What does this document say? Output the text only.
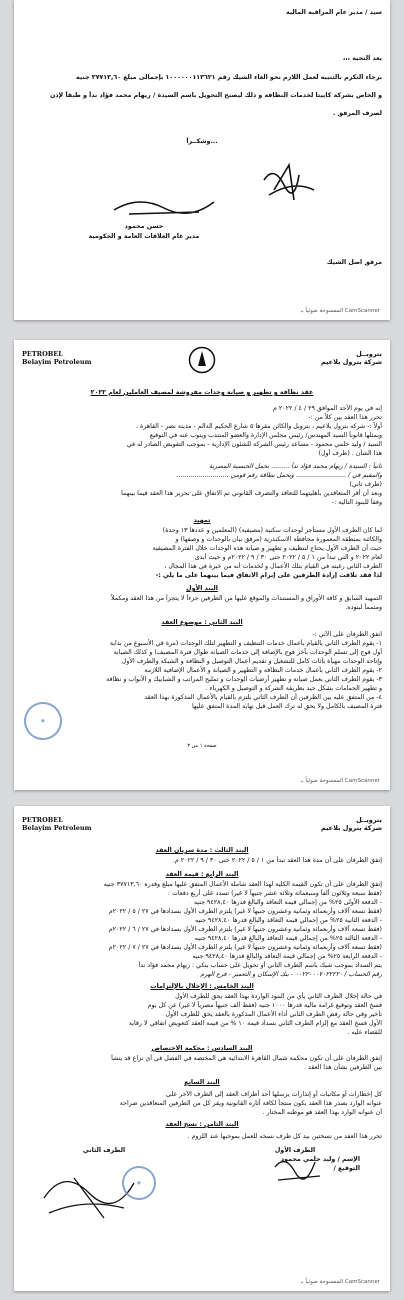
سيد / مدير عام المراقبة المالية
بعد التحية ،،،
برجاء التكرم بالتنبيه لعمل اللازم نحو الغاء الشيك رقم ١٠٠٠٠٠٠١١٣٦٢١ بإجمالى مبلغ ٣٧٧١٣,٦٠ جنيه
و الخاص بشركة كابيتا لخدمات النظافة و ذلك ليصبح التحويل باسم السيدة / ريهام محمد فؤاد نداً و طبقاً لإذن
لصرف المرفق .
وشكــراً...
حسن محمود
مدير عام العلاقات العامة و الحكومية
مرفق اصل الشيك
الممسوحة ضوئياً بـ CamScanner
PETROBEL
Belayim Petroleum
بتروبــل
شركة بترول بلاعيم
عقد نظافة و تطهير و صيانة وحدات مفروشة لمصيف العاملين لعام ٢٠٢٢
إنه في يوم الأحد الموافق ٢٩ / ٤ / ٢٠٢٢ م
تحرر هذا العقد بين كلاً من :-
أولاً :- شركة بترول بلاعيم ، بتروبل والكائن مقرها ٥ شارع الحكيم الدالم - مدينة نصر - القاهرة ،
ويمثلها قانوناً السيد المهندس/ رئيس مجلس الإدارة والعضو المنتدب وينوب عنه في التوقيع
السيد / وليد حلمي محمود - مساعد رئيس الشركة للشئون الإدارية - بموجب التفويض الصادر له في
هذا الشأن . (طرف أول)
ثانياً : السيدة / ريهام محمد فؤاد نداً ......... بحمل الجنسية المصرية
والمقيم في / ......................... ويحمل بطاقة رقم قومي ..........................
(طرف ثاني)
وبعد أن أقر المتعاقدين بأهليتهما للتعاقد والتصرف القانوني تم الاتفاق على تحرير هذا العقد فيما بينهما
وفقاً للبنود التالية :-
تمهيد
لما كان الطرف الأول مستأجر لوحدات سكنية (مصيفية) (المعلمين و عددها ١٣ وحدة)
والكائنة بمنطقة المعمورة محافظة الاسكندرية (مرفق بيان بالوحدات و وصفها) و
حيث أن الطرف الأول يحتاج لتنظيف و تطهير و صيانة هذه الوحدات خلال الفترة المصيفية
لعام ٢٠٢٢ و التي تبدأ من ١ / ٥ / ٢٠٢٢ حتى ٣٠ / ٩ / ٢٠٢٢م و حيث أبدى
الطرف الثاني رغبته في القيام بتلك الأعمال و لخدمات أنه من خبرة في هذا المجال ،
لذا فقد تلاقت إرادة الطرفين على إبرام الاتفاق فيما بينهما على ما يلي :-
البند الأول
التمهيد السابق و كافة الأوراق و المستندات والموقع عليها من الطرفين جزءاً لا يتجزأ من هذا العقد ومكملاً
ومتمماً لبنوده.
البند الثاني : موضوع العقد
اتفق الطرفان على الآتي :-
١- يقوم الطرف الثاني بالقيام بأعمال خدمات التنظيف و التطهير لتلك الوحدات (مرة في الأسبوع من بداية
أول فوج إلى تسلم الوحدات بآخر فوج بالإضافة إلى خدمات الصيانة طوال فترة المصيف) و كذلك الصيانة
وإتاحة الوحدات مهيأة بأثاث كامل للتشغيل و تقديم أعمال التوصيل و النظافة و الشبكة والطرف الأول
٢- يقوم الطرف الثاني بأعمال خدمات النظافة و التطهير و الصيانة و الأعمال الإضافية اللازمة
٣- يقوم الطرف الثاني بعمل صيانة و تطهير أرضيات الوحدات و تمليح المراتب و الشبابيك و الأبواب و نظافة
و تطهير الحمامات بشكل جيد بطريقة الشركة و التوصيل و الكهرباء .
٤- من المتفق عليه بين الطرفين أن الطرف الثاني يلتزم بالقيام بالأعمال المذكورة بهذا العقد
فترة المصيف بالكامل ولا يحق له ترك العمل قبل نهاية المدة المتفق عليها
◉
صفحة ١ من ٣
الممسوحة ضوئياً بـ CamScanner
PETROBEL
Belayim Petroleum
بتروبــل
شركة بترول بلاعيم
البند الثالث : مدة سريان العقد
إتفق الطرفان على أن مدة هذا العقد تبدأ من ١ / ٥ / ٢٠٢٢ حتى ٣٠ / ٩ / ٢٠٢٢ م.
البند الرابع : قيمة العقد
إتفق الطرفان على أن تكون القيمة الكلية لهذا العقد شاملة الأعمال المتفق عليها مبلغ وقدره ٣٧٧١٣,٦٠ جنيه
(فقط سبعة وثلاثون ألفاً وسبعمائة وثلاثة عشر جنيهاً لا غير) تسدد على أربع دفعات :
- الدفعة الأولى ٢٥% من إجمالي قيمة التعاقد والبالغ قدرها ٩٤٢٨,٤٠ جنيه
(فقط تسعة آلاف وأربعمائة وثمانية وعشرون جنيهاً لا غير) يلتزم الطرف الأول بسدادها في ٢٧ / ٥ / ٢٠٢٢م
- الدفعة الثانية ٢٥% من إجمالي قيمة التعاقد والبالغ قدرها ٩٤٢٨,٤٠ جنيه
(فقط تسعة آلاف وأربعمائة وثمانية وعشرون جنيهاً لا غير) يلتزم الطرف الأول بسدادها في ٢٧ / ٦ / ٢٠٢٢م
- الدفعة الثالثة ٢٥% من إجمالي قيمة التعاقد والبالغ قدرها ٩٤٢٨,٤٠ جنيه
(فقط تسعة آلاف وأربعمائة وثمانية وعشرون جنيهاً لا غير) يلتزم الطرف الأول بسدادها في ٢٧ / ٧ / ٢٠٢٢م
- الدفعة الرابعة ٢٥% من إجمالي قيمة التعاقد والبالغ قدرها ٩٤٢٨,٤٠ جنيه
يتم السداد بموجب شيك باسم الطرف الثاني أو تحويل على حساب بنكي : ريهام محمد فؤاد نداً
رقم الحساب / ٠٠٢٢٠٠٠٧٠٢٢٢٢٠ - بنك الإسكان و التعمير - فرع الهرم
البند الخامس : الإخلال بالإلتزامات
في حالة إخلال الطرف الثاني بأي من البنود الواردة بهذا العقد يحق للطرف الأول
فسخ العقد وتوقيع غرامة مالية قدرها ١٠٠٠ جنيه (فقط ألف جنيهاً مصرياً لا غير) عن كل يوم
تأخير وفي حالة رفض الطرف الثاني أداء الأعمال المذكورة بالعقد يحق للطرف الأول
الأول فسخ العقد مع إلزام الطرف الثاني بسداد قيمة ١٠ % من قيمة العقد كتعويض اتفاقي لا رقابة
للقضاء عليه .
البند السادس : محكمة الاختصاص
إتفق الطرفان على أن تكون محكمة شمال القاهرة الابتدائية هي المختصة في الفصل في أي نزاع قد ينشأ
بين الطرفين بشأن هذا العقد .
البند السابع
كل إخطارات أو مكاتبات أو إنذارات يرسلها أحد أطراف العقد إلى الطرف الآخر على
عنوانه الوارد بصدر هذا العقد يكون منتجاً لكافة آثاره القانونية ويقر كل من الطرفين المتعاقدين صراحة
أن عنوانه الوارد بهذا العقد هو موطنه المختار .
البند الثامن : نسخ العقد
تحرر هذا العقد من نسختين بيد كل طرف نسخه للعمل بموجبها عند اللزوم .
الطرف الأول
الإسم / وليد حلمي محمود
التوقيع /
الطرف الثاني
◉
الممسوحة ضوئياً بـ CamScanner
